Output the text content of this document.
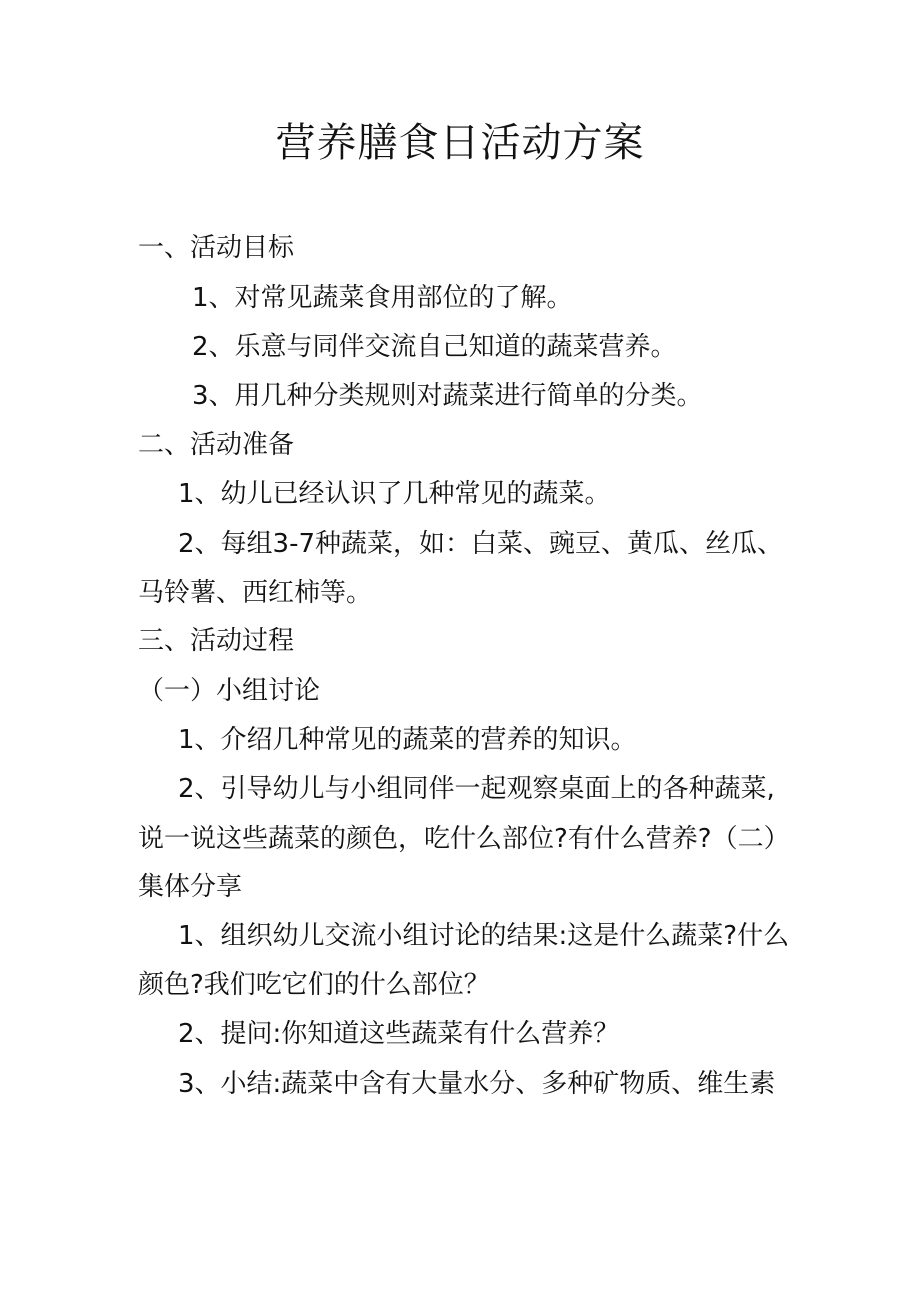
营养膳食日活动方案
一、活动目标
1、对常见蔬菜食用部位的了解。
2、乐意与同伴交流自己知道的蔬菜营养。
3、用几种分类规则对蔬菜进行简单的分类。
二、活动准备
1、幼儿已经认识了几种常见的蔬菜。
2、每组3-7种蔬菜，如：白菜、豌豆、黄瓜、丝瓜、
马铃薯、西红柿等。
三、活动过程
（一）小组讨论
1、介绍几种常见的蔬菜的营养的知识。
2、引导幼儿与小组同伴一起观察桌面上的各种蔬菜,
说一说这些蔬菜的颜色，吃什么部位?有什么营养?（二）
集体分享
1、组织幼儿交流小组讨论的结果:这是什么蔬菜?什么
颜色?我们吃它们的什么部位？
2、提问:你知道这些蔬菜有什么营养？
3、小结:蔬菜中含有大量水分、多种矿物质、维生素
